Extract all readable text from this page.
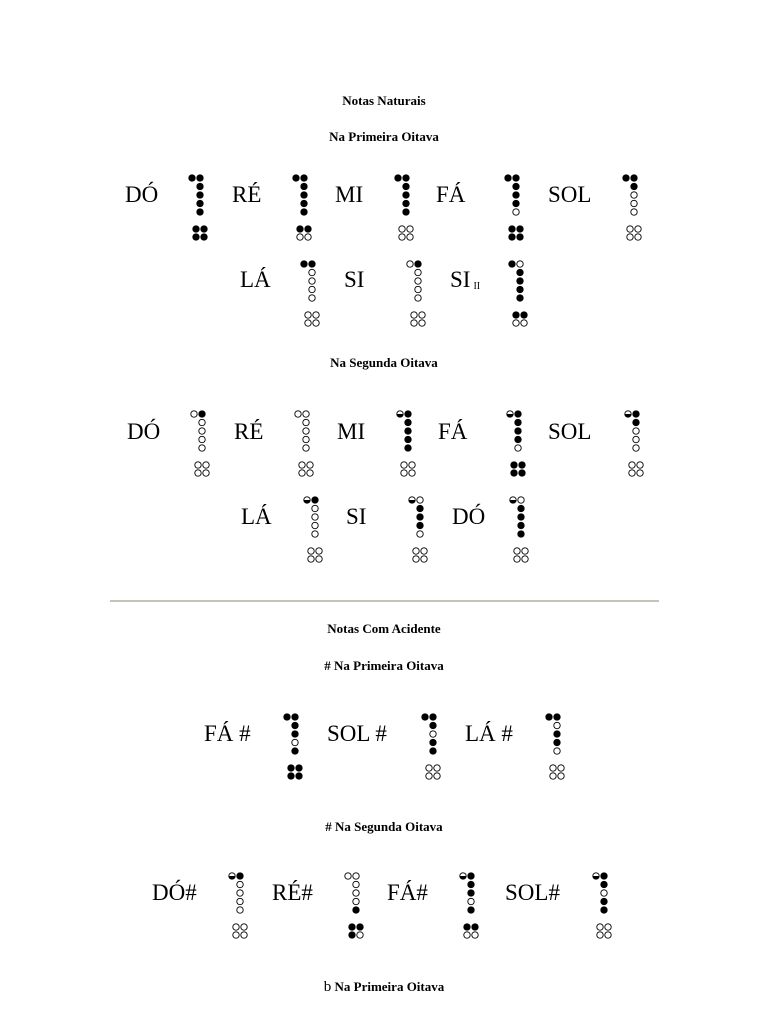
Notas Naturais
Na Primeira Oitava
DÓ	RÉ	MI	FÁ	SOL
LÁ	SI	SI $_{II}$
Na Segunda Oitava
DÓ	RÉ	MI	FÁ	SOL
LÁ	SI	DÓ
Notas Com Acidente
# Na Primeira Oitava
FÁ #	SOL #	LÁ #
# Na Segunda Oitava
DÓ#	RÉ#	FÁ#	SOL#
b Na Primeira Oitava
